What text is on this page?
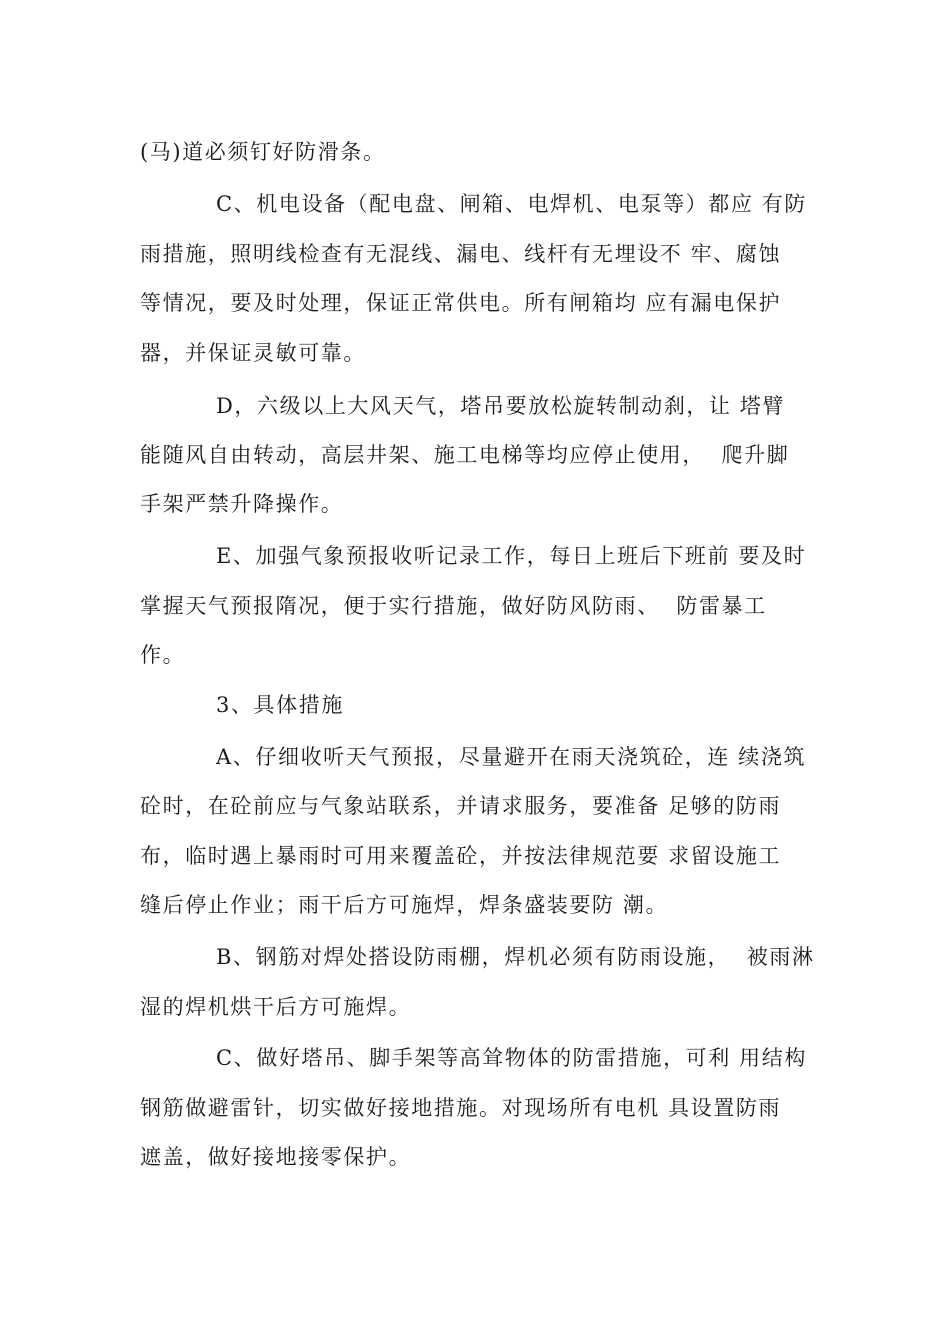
(马)道必须钉好防滑条。
C、机电设备（配电盘、闸箱、电焊机、电泵等）都应 有防
雨措施，照明线检查有无混线、漏电、线杆有无埋设不 牢、腐蚀
等情况，要及时处理，保证正常供电。所有闸箱均 应有漏电保护
器，并保证灵敏可靠。
D，六级以上大风天气，塔吊要放松旋转制动刹，让 塔臂
能随风自由转动，高层井架、施工电梯等均应停止使用，  爬升脚
手架严禁升降操作。
E、加强气象预报收听记录工作，每日上班后下班前 要及时
掌握天气预报隋况，便于实行措施，做好防风防雨、  防雷暴工
作。
3、具体措施
A、仔细收听天气预报，尽量避开在雨天浇筑砼，连 续浇筑
砼时，在砼前应与气象站联系，并请求服务，要准备 足够的防雨
布，临时遇上暴雨时可用来覆盖砼，并按法律规范要 求留设施工
缝后停止作业；雨干后方可施焊，焊条盛装要防 潮。
B、钢筋对焊处搭设防雨棚，焊机必须有防雨设施，  被雨淋
湿的焊机烘干后方可施焊。
C、做好塔吊、脚手架等高耸物体的防雷措施，可利 用结构
钢筋做避雷针，切实做好接地措施。对现场所有电机 具设置防雨
遮盖，做好接地接零保护。
